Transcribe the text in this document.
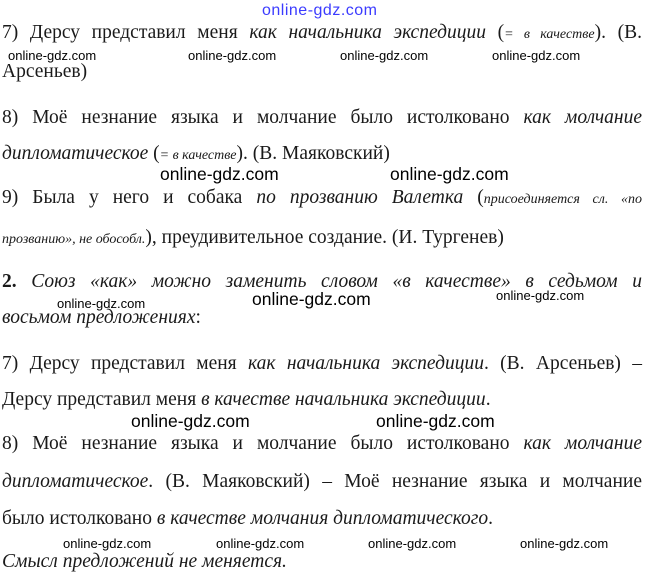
online-gdz.com
7) Дерсу представил меня как начальника экспедиции (= в качестве). (В.
online-gdz.com	online-gdz.com	online-gdz.com	online-gdz.com
Арсеньев)
8) Моё незнание языка и молчание было истолковано как молчание
дипломатическое (= в качестве). (В. Маяковский)
online-gdz.com	online-gdz.com
9) Была у него и собака по прозванию Валетка (присоединяется сл. «по
прозванию», не обособл.), преудивительное создание. (И. Тургенев)
2. Союз «как» можно заменить словом «в качестве» в седьмом и
online-gdz.com	online-gdz.com	online-gdz.com
восьмом предложениях:
7) Дерсу представил меня как начальника экспедиции. (В. Арсеньев) –
Дерсу представил меня в качестве начальника экспедиции.
online-gdz.com	online-gdz.com
8) Моё незнание языка и молчание было истолковано как молчание
дипломатическое. (В. Маяковский) – Моё незнание языка и молчание
было истолковано в качестве молчания дипломатического.
online-gdz.com	online-gdz.com	online-gdz.com	online-gdz.com
Смысл предложений не меняется.
